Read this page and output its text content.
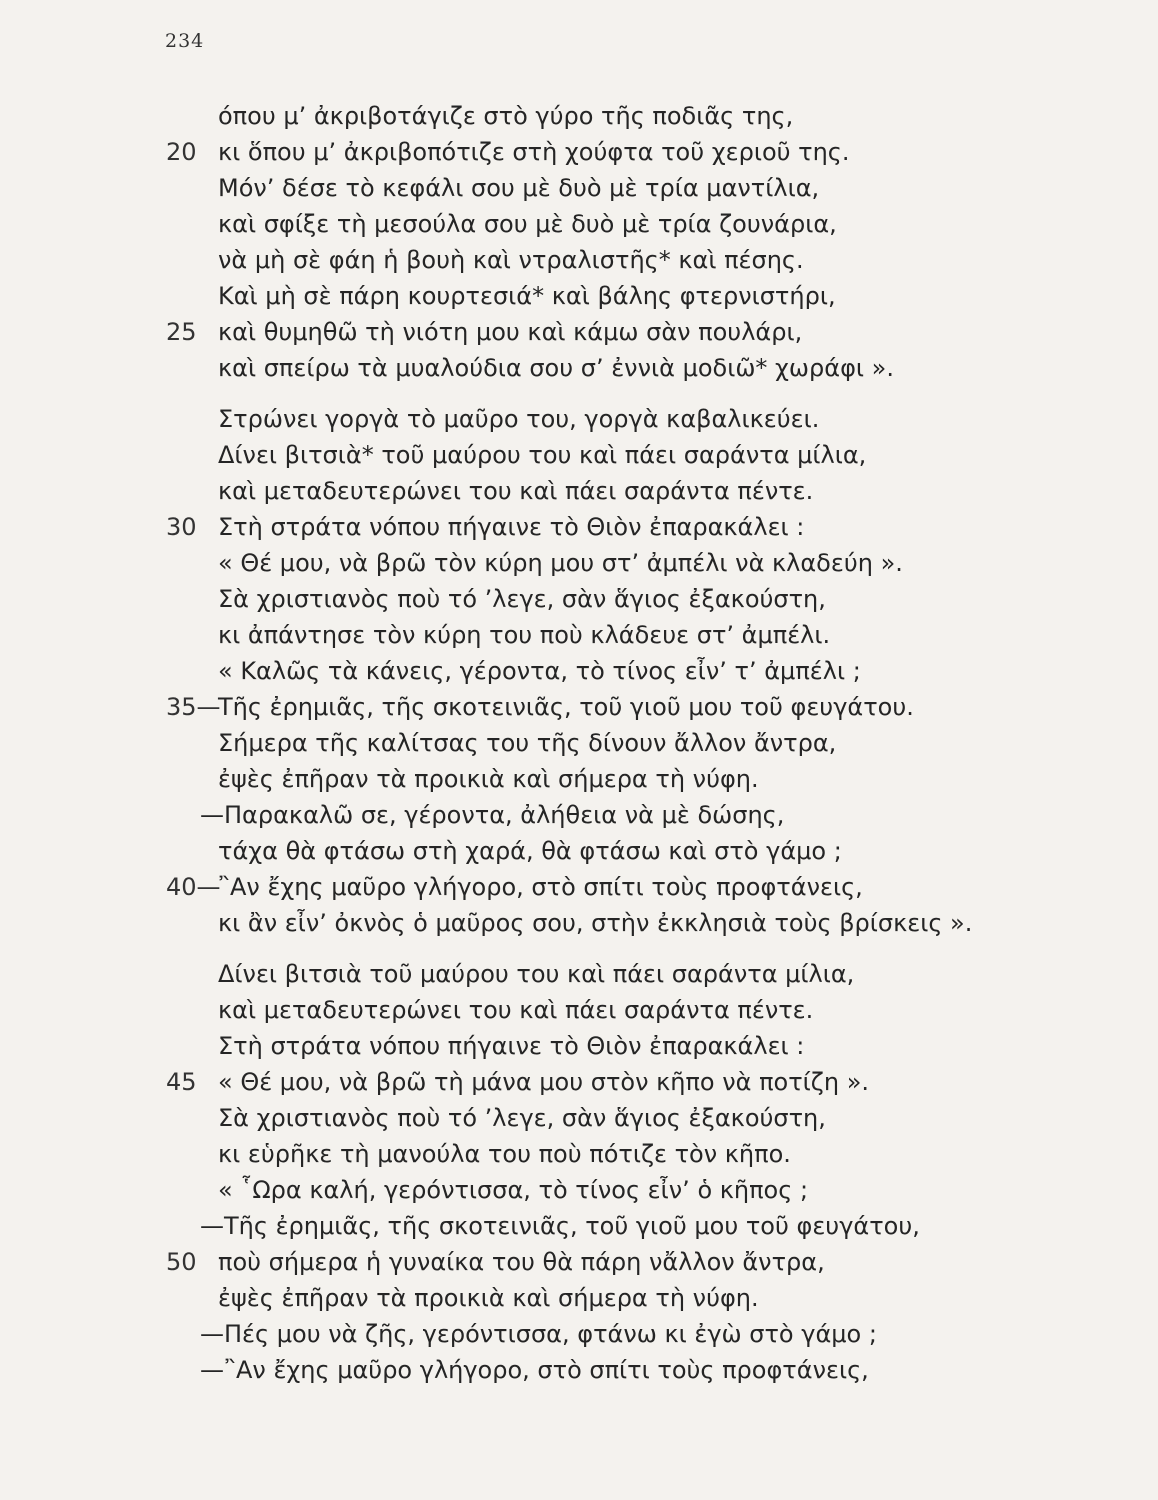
234
όπου μ’ ἀκριβοτάγιζε στὸ γύρο τῆς ποδιᾶς της,
20 κι ὅπου μ’ ἀκριβοπότιζε στὴ χούφτα τοῦ χεριοῦ της.
Μόν’ δέσε τὸ κεφάλι σου μὲ δυὸ μὲ τρία μαντίλια,
καὶ σφίξε τὴ μεσούλα σου μὲ δυὸ μὲ τρία ζουνάρια,
νὰ μὴ σὲ φάη ἡ βουὴ καὶ ντραλιστῆς* καὶ πέσης.
Καὶ μὴ σὲ πάρη κουρτεσιά* καὶ βάλης φτερνιστήρι,
25 καὶ θυμηθῶ τὴ νιότη μου καὶ κάμω σὰν πουλάρι,
καὶ σπείρω τὰ μυαλούδια σου σ’ ἐννιὰ μοδιῶ* χωράφι ».
Στρώνει γοργὰ τὸ μαῦρο του, γοργὰ καβαλικεύει.
Δίνει βιτσιὰ* τοῦ μαύρου του καὶ πάει σαράντα μίλια,
καὶ μεταδευτερώνει του καὶ πάει σαράντα πέντε.
30 Στὴ στράτα νόπου πήγαινε τὸ Θιὸν ἐπαρακάλει :
« Θέ μου, νὰ βρῶ τὸν κύρη μου στ’ ἀμπέλι νὰ κλαδεύη ».
Σὰ χριστιανὸς ποὺ τό ’λεγε, σὰν ἅγιος ἐξακούστη,
κι ἀπάντησε τὸν κύρη του ποὺ κλάδευε στ’ ἀμπέλι.
« Καλῶς τὰ κάνεις, γέροντα, τὸ τίνος εἶν’ τ’ ἀμπέλι ;
35—
Τῆς ἐρημιᾶς, τῆς σκοτεινιᾶς, τοῦ γιοῦ μου τοῦ φευγάτου.
Σήμερα τῆς καλίτσας του τῆς δίνουν ἄλλον ἄντρα,
ἐψὲς ἐπῆραν τὰ προικιὰ καὶ σήμερα τὴ νύφη.
—Παρακαλῶ σε, γέροντα, ἀλήθεια νὰ μὲ δώσης,
τάχα θὰ φτάσω στὴ χαρά, θὰ φτάσω καὶ στὸ γάμο ;
40—
῍Αν ἔχης μαῦρο γλήγορο, στὸ σπίτι τοὺς προφτάνεις,
κι ἂν εἶν’ ὀκνὸς ὁ μαῦρος σου, στὴν ἐκκλησιὰ τοὺς βρίσκεις ».
Δίνει βιτσιὰ τοῦ μαύρου του καὶ πάει σαράντα μίλια,
καὶ μεταδευτερώνει του καὶ πάει σαράντα πέντε.
Στὴ στράτα νόπου πήγαινε τὸ Θιὸν ἐπαρακάλει :
45 « Θέ μου, νὰ βρῶ τὴ μάνα μου στὸν κῆπο νὰ ποτίζη ».
Σὰ χριστιανὸς ποὺ τό ’λεγε, σὰν ἅγιος ἐξακούστη,
κι εὑρῆκε τὴ μανούλα του ποὺ πότιζε τὸν κῆπο.
« ῟Ωρα καλή, γερόντισσα, τὸ τίνος εἶν’ ὁ κῆπος ;
—Τῆς ἐρημιᾶς, τῆς σκοτεινιᾶς, τοῦ γιοῦ μου τοῦ φευγάτου,
50 ποὺ σήμερα ἡ γυναίκα του θὰ πάρη νἄλλον ἄντρα,
ἐψὲς ἐπῆραν τὰ προικιὰ καὶ σήμερα τὴ νύφη.
—Πές μου νὰ ζῆς, γερόντισσα, φτάνω κι ἐγὼ στὸ γάμο ;
—῍Αν ἔχης μαῦρο γλήγορο, στὸ σπίτι τοὺς προφτάνεις,
